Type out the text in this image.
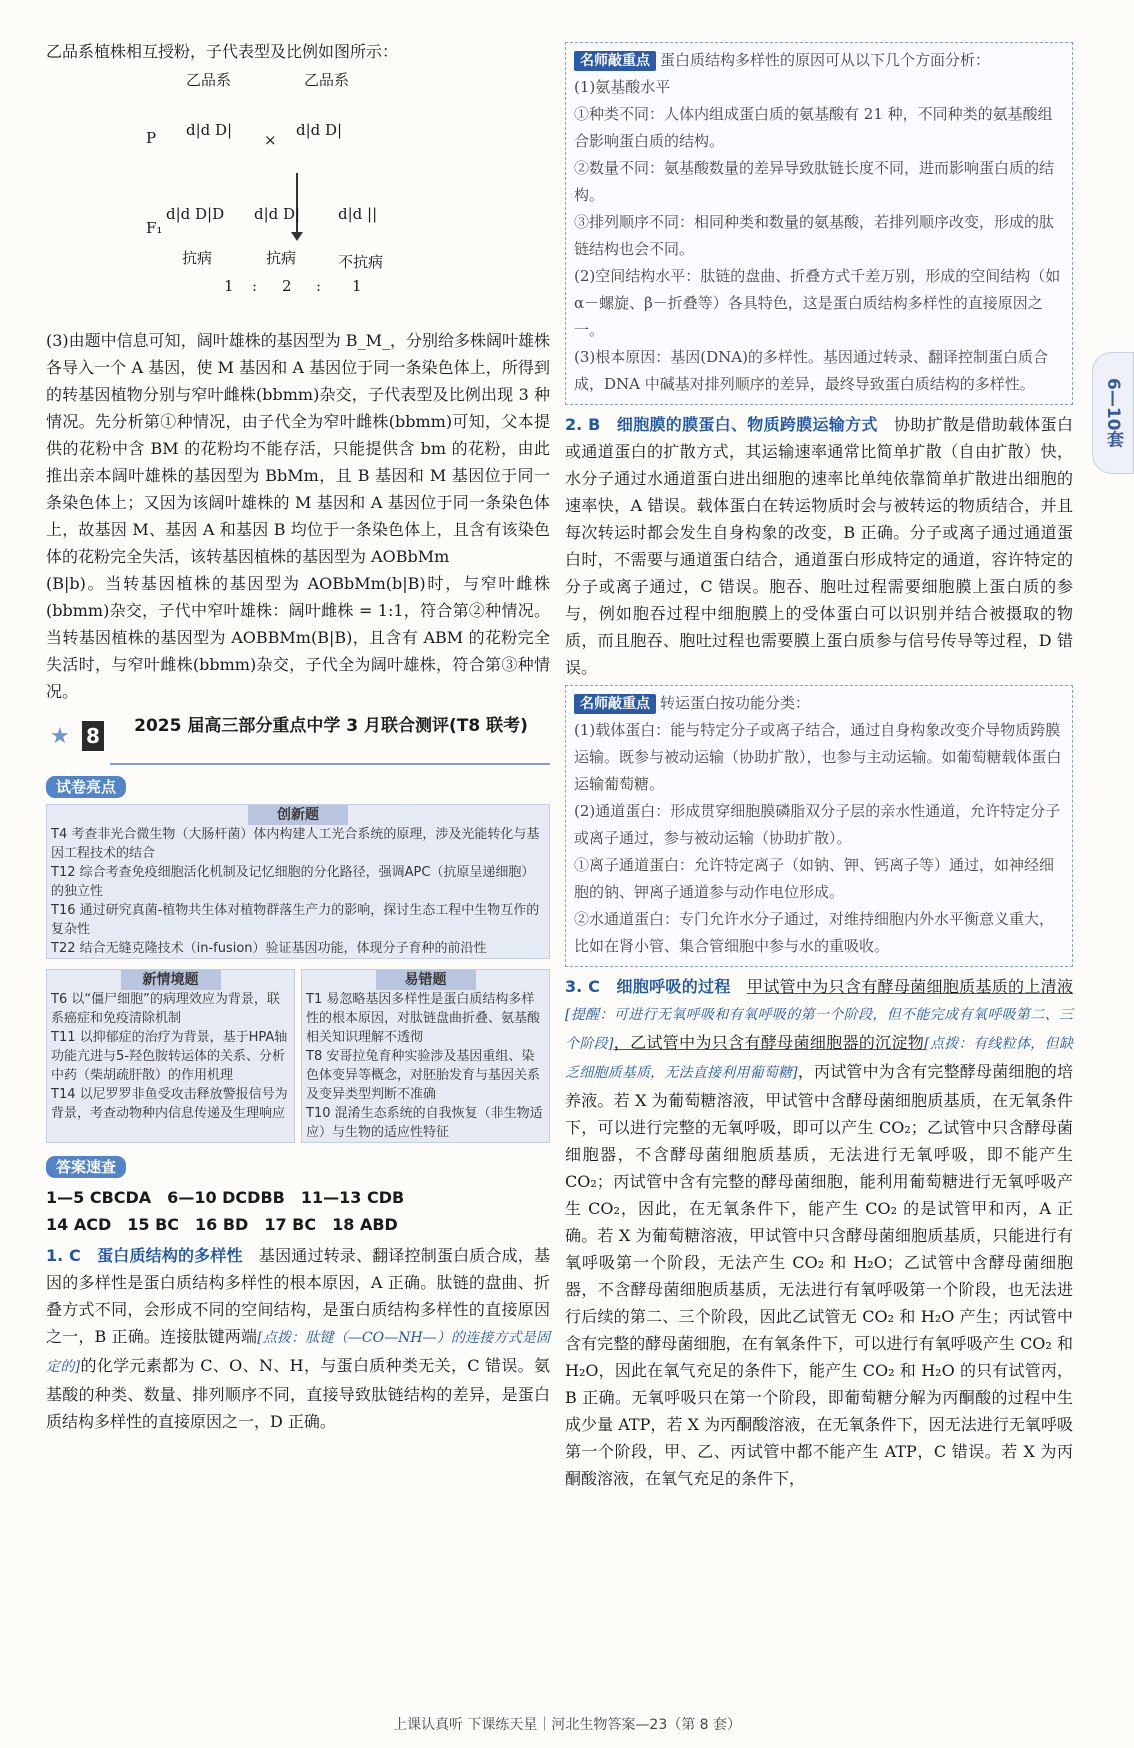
乙品系植株相互授粉，子代表型及比例如图所示：

乙品系	乙品系
P d|d D|
×
d|d D|
F₁
d|d D|D d|d D|	d|d ||
抗病	抗病	不抗病
1 : 2 : 1

(3)由题中信息可知，阔叶雄株的基因型为 B_M_，分别给多株阔叶雄株各导入一个 A 基因，使 M 基因和 A 基因位于同一条染色体上，所得到的转基因植物分别与窄叶雌株(bbmm)杂交，子代表型及比例出现 3 种情况。先分析第①种情况，由子代全为窄叶雌株(bbmm)可知，父本提供的花粉中含 BM 的花粉均不能存活，只能提供含 bm 的花粉，由此推出亲本阔叶雄株的基因型为 BbMm，且 B 基因和 M 基因位于同一条染色体上；又因为该阔叶雄株的 M 基因和 A 基因位于同一条染色体上，故基因 M、基因 A 和基因 B 均位于一条染色体上，且含有该染色体的花粉完全失活，该转基因植株的基因型为 AOBbMm

(B|b)。当转基因植株的基因型为 AOBbMm(b|B)时，与窄叶雌株(bbmm)杂交，子代中窄叶雄株：阔叶雌株 = 1:1，符合第②种情况。当转基因植株的基因型为 AOBBMm(B|B)，且含有 ABM 的花粉完全失活时，与窄叶雌株(bbmm)杂交，子代全为阔叶雄株，符合第③种情况。

★ 8	2025 届高三部分重点中学 3 月联合测评(T8 联考)
试卷亮点
创新题
T4 考查非光合微生物（大肠杆菌）体内构建人工光合系统的原理，涉及光能转化与基因工程技术的结合
T12 综合考查免疫细胞活化机制及记忆细胞的分化路径，强调APC（抗原呈递细胞）的独立性
T16 通过研究真菌-植物共生体对植物群落生产力的影响，探讨生态工程中生物互作的复杂性
T22 结合无缝克隆技术（in-fusion）验证基因功能，体现分子育种的前沿性
新情境题
T6 以“僵尸细胞”的病理效应为背景，联系癌症和免疫清除机制
T11 以抑郁症的治疗为背景，基于HPA轴功能亢进与5-羟色胺转运体的关系、分析中药（柴胡疏肝散）的作用机理
T14 以尼罗罗非鱼受攻击释放警报信号为背景，考查动物种内信息传递及生理响应
易错题
T1 易忽略基因多样性是蛋白质结构多样性的根本原因，对肽链盘曲折叠、氨基酸相关知识理解不透彻
T8 安哥拉兔育种实验涉及基因重组、染色体变异等概念，对胚胎发育与基因关系及变异类型判断不准确
T10 混淆生态系统的自我恢复（非生物适应）与生物的适应性特征
答案速查
1—5 CBCDA　6—10 DCDBB　11—13 CDB
14 ACD　15 BC　16 BD　17 BC　18 ABD

1. C　 蛋白质结构的多样性　 基因通过转录、翻译控制蛋白质合成，基因的多样性是蛋白质结构多样性的根本原因，A 正确。肽链的盘曲、折叠方式不同，会形成不同的空间结构，是蛋白质结构多样性的直接原因之一，B 正确。连接肽键两端[点拨：肽键（—CO—NH—）的连接方式是固定的]的化学元素都为 C、O、N、H，与蛋白质种类无关，C 错误。氨基酸的种类、数量、排列顺序不同，直接导致肽链结构的差异，是蛋白质结构多样性的直接原因之一，D 正确。

名师敲重点 蛋白质结构多样性的原因可从以下几个方面分析：
(1)氨基酸水平
①种类不同：人体内组成蛋白质的氨基酸有 21 种，不同种类的氨基酸组合影响蛋白质的结构。
②数量不同：氨基酸数量的差异导致肽链长度不同，进而影响蛋白质的结构。
③排列顺序不同：相同种类和数量的氨基酸，若排列顺序改变，形成的肽链结构也会不同。
(2)空间结构水平：肽链的盘曲、折叠方式千差万别，形成的空间结构（如 α－螺旋、β－折叠等）各具特色，这是蛋白质结构多样性的直接原因之一。
(3)根本原因：基因(DNA)的多样性。基因通过转录、翻译控制蛋白质合成，DNA 中碱基对排列顺序的差异，最终导致蛋白质结构的多样性。

2. B　 细胞膜的膜蛋白、物质跨膜运输方式　 协助扩散是借助载体蛋白或通道蛋白的扩散方式，其运输速率通常比简单扩散（自由扩散）快，水分子通过水通道蛋白进出细胞的速率比单纯依靠简单扩散进出细胞的速率快，A 错误。载体蛋白在转运物质时会与被转运的物质结合，并且每次转运时都会发生自身构象的改变，B 正确。分子或离子通过通道蛋白时，不需要与通道蛋白结合，通道蛋白形成特定的通道，容许特定的分子或离子通过，C 错误。胞吞、胞吐过程需要细胞膜上蛋白质的参与，例如胞吞过程中细胞膜上的受体蛋白可以识别并结合被摄取的物质，而且胞吞、胞吐过程也需要膜上蛋白质参与信号传导等过程，D 错误。

名师敲重点 转运蛋白按功能分类：
(1)载体蛋白：能与特定分子或离子结合，通过自身构象改变介导物质跨膜运输。既参与被动运输（协助扩散），也参与主动运输。如葡萄糖载体蛋白运输葡萄糖。
(2)通道蛋白：形成贯穿细胞膜磷脂双分子层的亲水性通道，允许特定分子或离子通过，参与被动运输（协助扩散）。
①离子通道蛋白：允许特定离子（如钠、钾、钙离子等）通过，如神经细胞的钠、钾离子通道参与动作电位形成。
②水通道蛋白：专门允许水分子通过，对维持细胞内外水平衡意义重大，比如在肾小管、集合管细胞中参与水的重吸收。

3. C　 细胞呼吸的过程　 甲试管中为只含有酵母菌细胞质基质的上清液[提醒：可进行无氧呼吸和有氧呼吸的第一个阶段，但不能完成有氧呼吸第二、三个阶段]，乙试管中为只含有酵母菌细胞器的沉淀物[点拨：有线粒体，但缺乏细胞质基质，无法直接利用葡萄糖]，丙试管中为含有完整酵母菌细胞的培养液。若 X 为葡萄糖溶液，甲试管中含酵母菌细胞质基质，在无氧条件下，可以进行完整的无氧呼吸，即可以产生 CO₂；乙试管中只含酵母菌细胞器，不含酵母菌细胞质基质，无法进行无氧呼吸，即不能产生 CO₂；丙试管中含有完整的酵母菌细胞，能利用葡萄糖进行无氧呼吸产生 CO₂，因此，在无氧条件下，能产生 CO₂ 的是试管甲和丙，A 正确。若 X 为葡萄糖溶液，甲试管中只含酵母菌细胞质基质，只能进行有氧呼吸第一个阶段，无法产生 CO₂ 和 H₂O；乙试管中含酵母菌细胞器，不含酵母菌细胞质基质，无法进行有氧呼吸第一个阶段，也无法进行后续的第二、三个阶段，因此乙试管无 CO₂ 和 H₂O 产生；丙试管中含有完整的酵母菌细胞，在有氧条件下，可以进行有氧呼吸产生 CO₂ 和 H₂O，因此在氧气充足的条件下，能产生 CO₂ 和 H₂O 的只有试管丙，B 正确。无氧呼吸只在第一个阶段，即葡萄糖分解为丙酮酸的过程中生成少量 ATP，若 X 为丙酮酸溶液，在无氧条件下，因无法进行无氧呼吸第一个阶段，甲、乙、丙试管中都不能产生 ATP，C 错误。若 X 为丙酮酸溶液，在氧气充足的条件下，

6—10套
上课认真听 下课练天星｜河北生物答案—23（第 8 套）
